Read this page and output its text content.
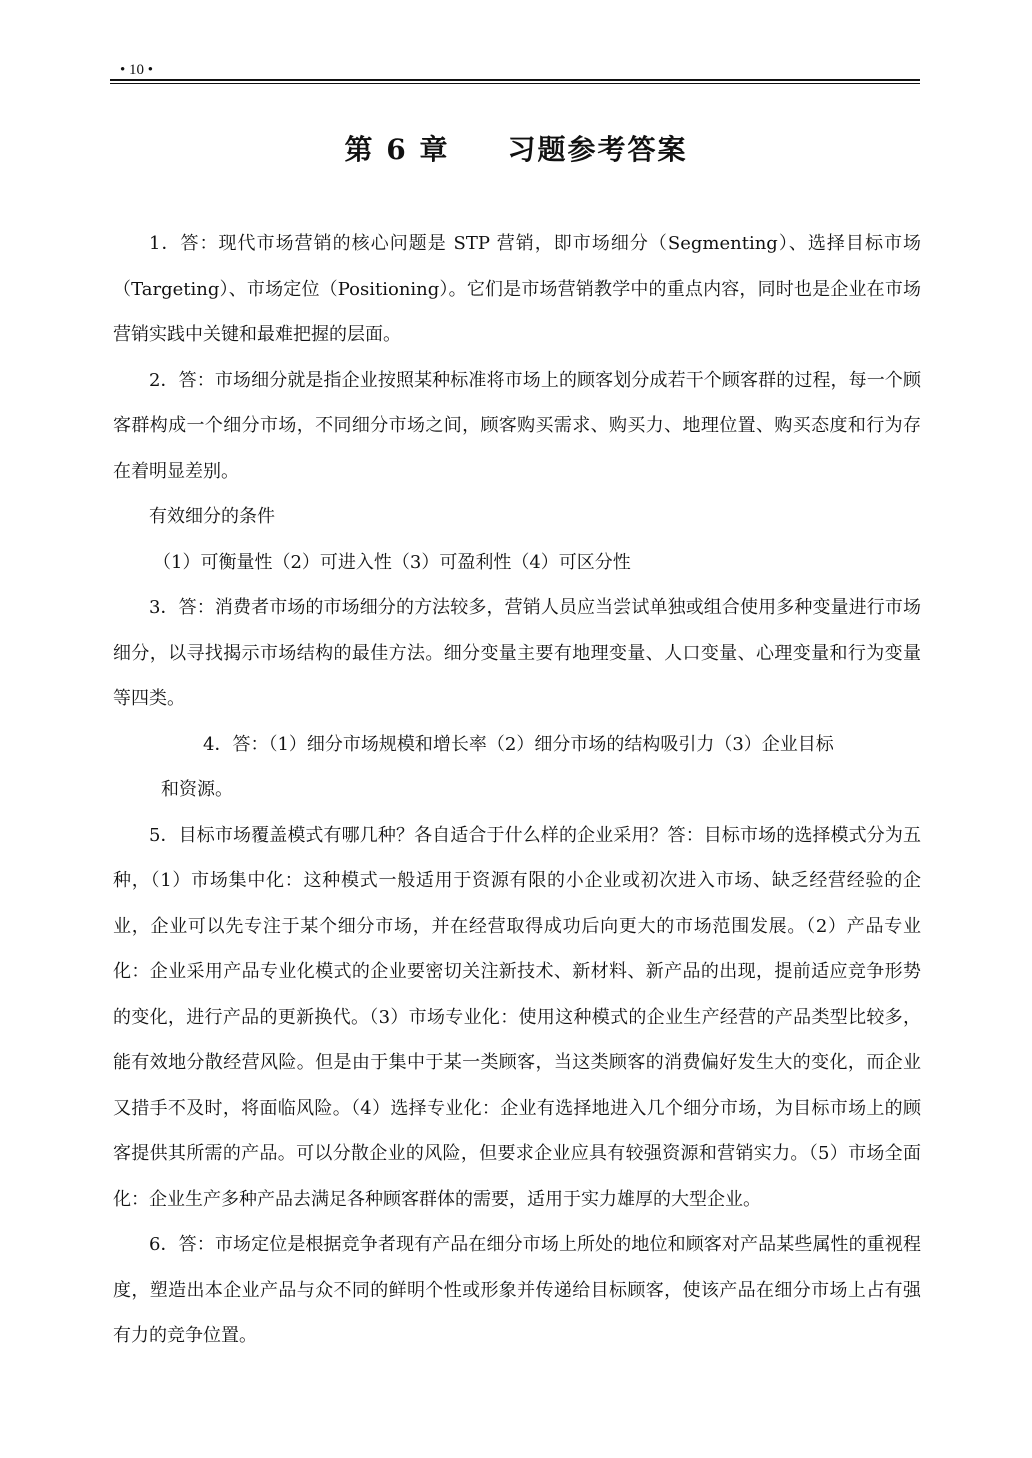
• 10 •
第 6 章 习题参考答案

1．答：现代市场营销的核心问题是 STP 营销，即市场细分（Segmenting）、选择目标市场（Targeting）、市场定位（Positioning）。它们是市场营销教学中的重点内容，同时也是企业在市场营销实践中关键和最难把握的层面。

2．答：市场细分就是指企业按照某种标准将市场上的顾客划分成若干个顾客群的过程，每一个顾客群构成一个细分市场，不同细分市场之间，顾客购买需求、购买力、地理位置、购买态度和行为存在着明显差别。

有效细分的条件

（1）可衡量性（2）可进入性（3）可盈利性（4）可区分性

3．答：消费者市场的市场细分的方法较多，营销人员应当尝试单独或组合使用多种变量进行市场细分，以寻找揭示市场结构的最佳方法。细分变量主要有地理变量、人口变量、心理变量和行为变量等四类。

4．答：（1）细分市场规模和增长率（2）细分市场的结构吸引力（3）企业目标

和资源。

5．目标市场覆盖模式有哪几种？各自适合于什么样的企业采用？答：目标市场的选择模式分为五种，（1）市场集中化：这种模式一般适用于资源有限的小企业或初次进入市场、缺乏经营经验的企业，企业可以先专注于某个细分市场，并在经营取得成功后向更大的市场范围发展。（2）产品专业化：企业采用产品专业化模式的企业要密切关注新技术、新材料、新产品的出现，提前适应竞争形势的变化，进行产品的更新换代。（3）市场专业化：使用这种模式的企业生产经营的产品类型比较多，能有效地分散经营风险。但是由于集中于某一类顾客，当这类顾客的消费偏好发生大的变化，而企业又措手不及时，将面临风险。（4）选择专业化：企业有选择地进入几个细分市场，为目标市场上的顾客提供其所需的产品。可以分散企业的风险，但要求企业应具有较强资源和营销实力。（5）市场全面化：企业生产多种产品去满足各种顾客群体的需要，适用于实力雄厚的大型企业。

6．答：市场定位是根据竞争者现有产品在细分市场上所处的地位和顾客对产品某些属性的重视程度，塑造出本企业产品与众不同的鲜明个性或形象并传递给目标顾客，使该产品在细分市场上占有强有力的竞争位置。
